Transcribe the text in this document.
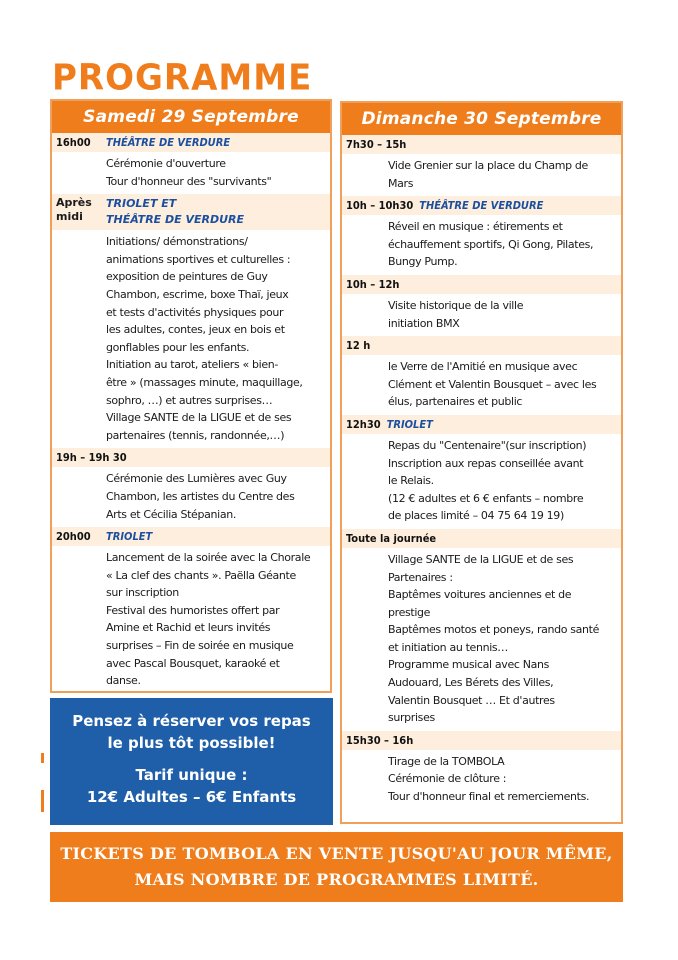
PROGRAMME
Samedi 29 Septembre
16h00	THÉÂTRE DE VERDURE
Cérémonie d'ouverture
Tour d'honneur des "survivants"
Après midi
TRIOLET ET
THÉÂTRE DE VERDURE
Initiations/ démonstrations/
animations sportives et culturelles :
exposition de peintures de Guy
Chambon, escrime, boxe Thaï, jeux
et tests d'activités physiques pour
les adultes, contes, jeux en bois et
gonflables pour les enfants.
Initiation au tarot, ateliers « bien-
être » (massages minute, maquillage,
sophro, …) et autres surprises…
Village SANTE de la LIGUE et de ses
partenaires (tennis, randonnée,…)
19h – 19h 30
Cérémonie des Lumières avec Guy
Chambon, les artistes du Centre des
Arts et Cécilia Stépanian.
20h00	TRIOLET
Lancement de la soirée avec la Chorale
« La clef des chants ». Paëlla Géante
sur inscription
Festival des humoristes offert par
Amine et Rachid et leurs invités
surprises – Fin de soirée en musique
avec Pascal Bousquet, karaoké et
danse.
Dimanche 30 Septembre
7h30 – 15h
Vide Grenier sur la place du Champ de
Mars
10h – 10h30 THÉÂTRE DE VERDURE
Réveil en musique : étirements et
échauffement sportifs, Qi Gong, Pilates,
Bungy Pump.
10h – 12h
Visite historique de la ville
initiation BMX
12 h
le Verre de l'Amitié en musique avec
Clément et Valentin Bousquet – avec les
élus, partenaires et public
12h30 TRIOLET
Repas du "Centenaire"(sur inscription)
Inscription aux repas conseillée avant
le Relais.
(12 € adultes et 6 € enfants – nombre
de places limité – 04 75 64 19 19)
Toute la journée
Village SANTE de la LIGUE et de ses
Partenaires :
Baptêmes voitures anciennes et de
prestige
Baptêmes motos et poneys, rando santé
et initiation au tennis…
Programme musical avec Nans
Audouard, Les Bérets des Villes,
Valentin Bousquet … Et d'autres
surprises
15h30 – 16h
Tirage de la TOMBOLA
Cérémonie de clôture :
Tour d'honneur final et remerciements.
Pensez à réserver vos repas
le plus tôt possible!
Tarif unique :
12€ Adultes – 6€ Enfants
TICKETS DE TOMBOLA EN VENTE JUSQU'AU JOUR MÊME,
MAIS NOMBRE DE PROGRAMMES LIMITÉ.
